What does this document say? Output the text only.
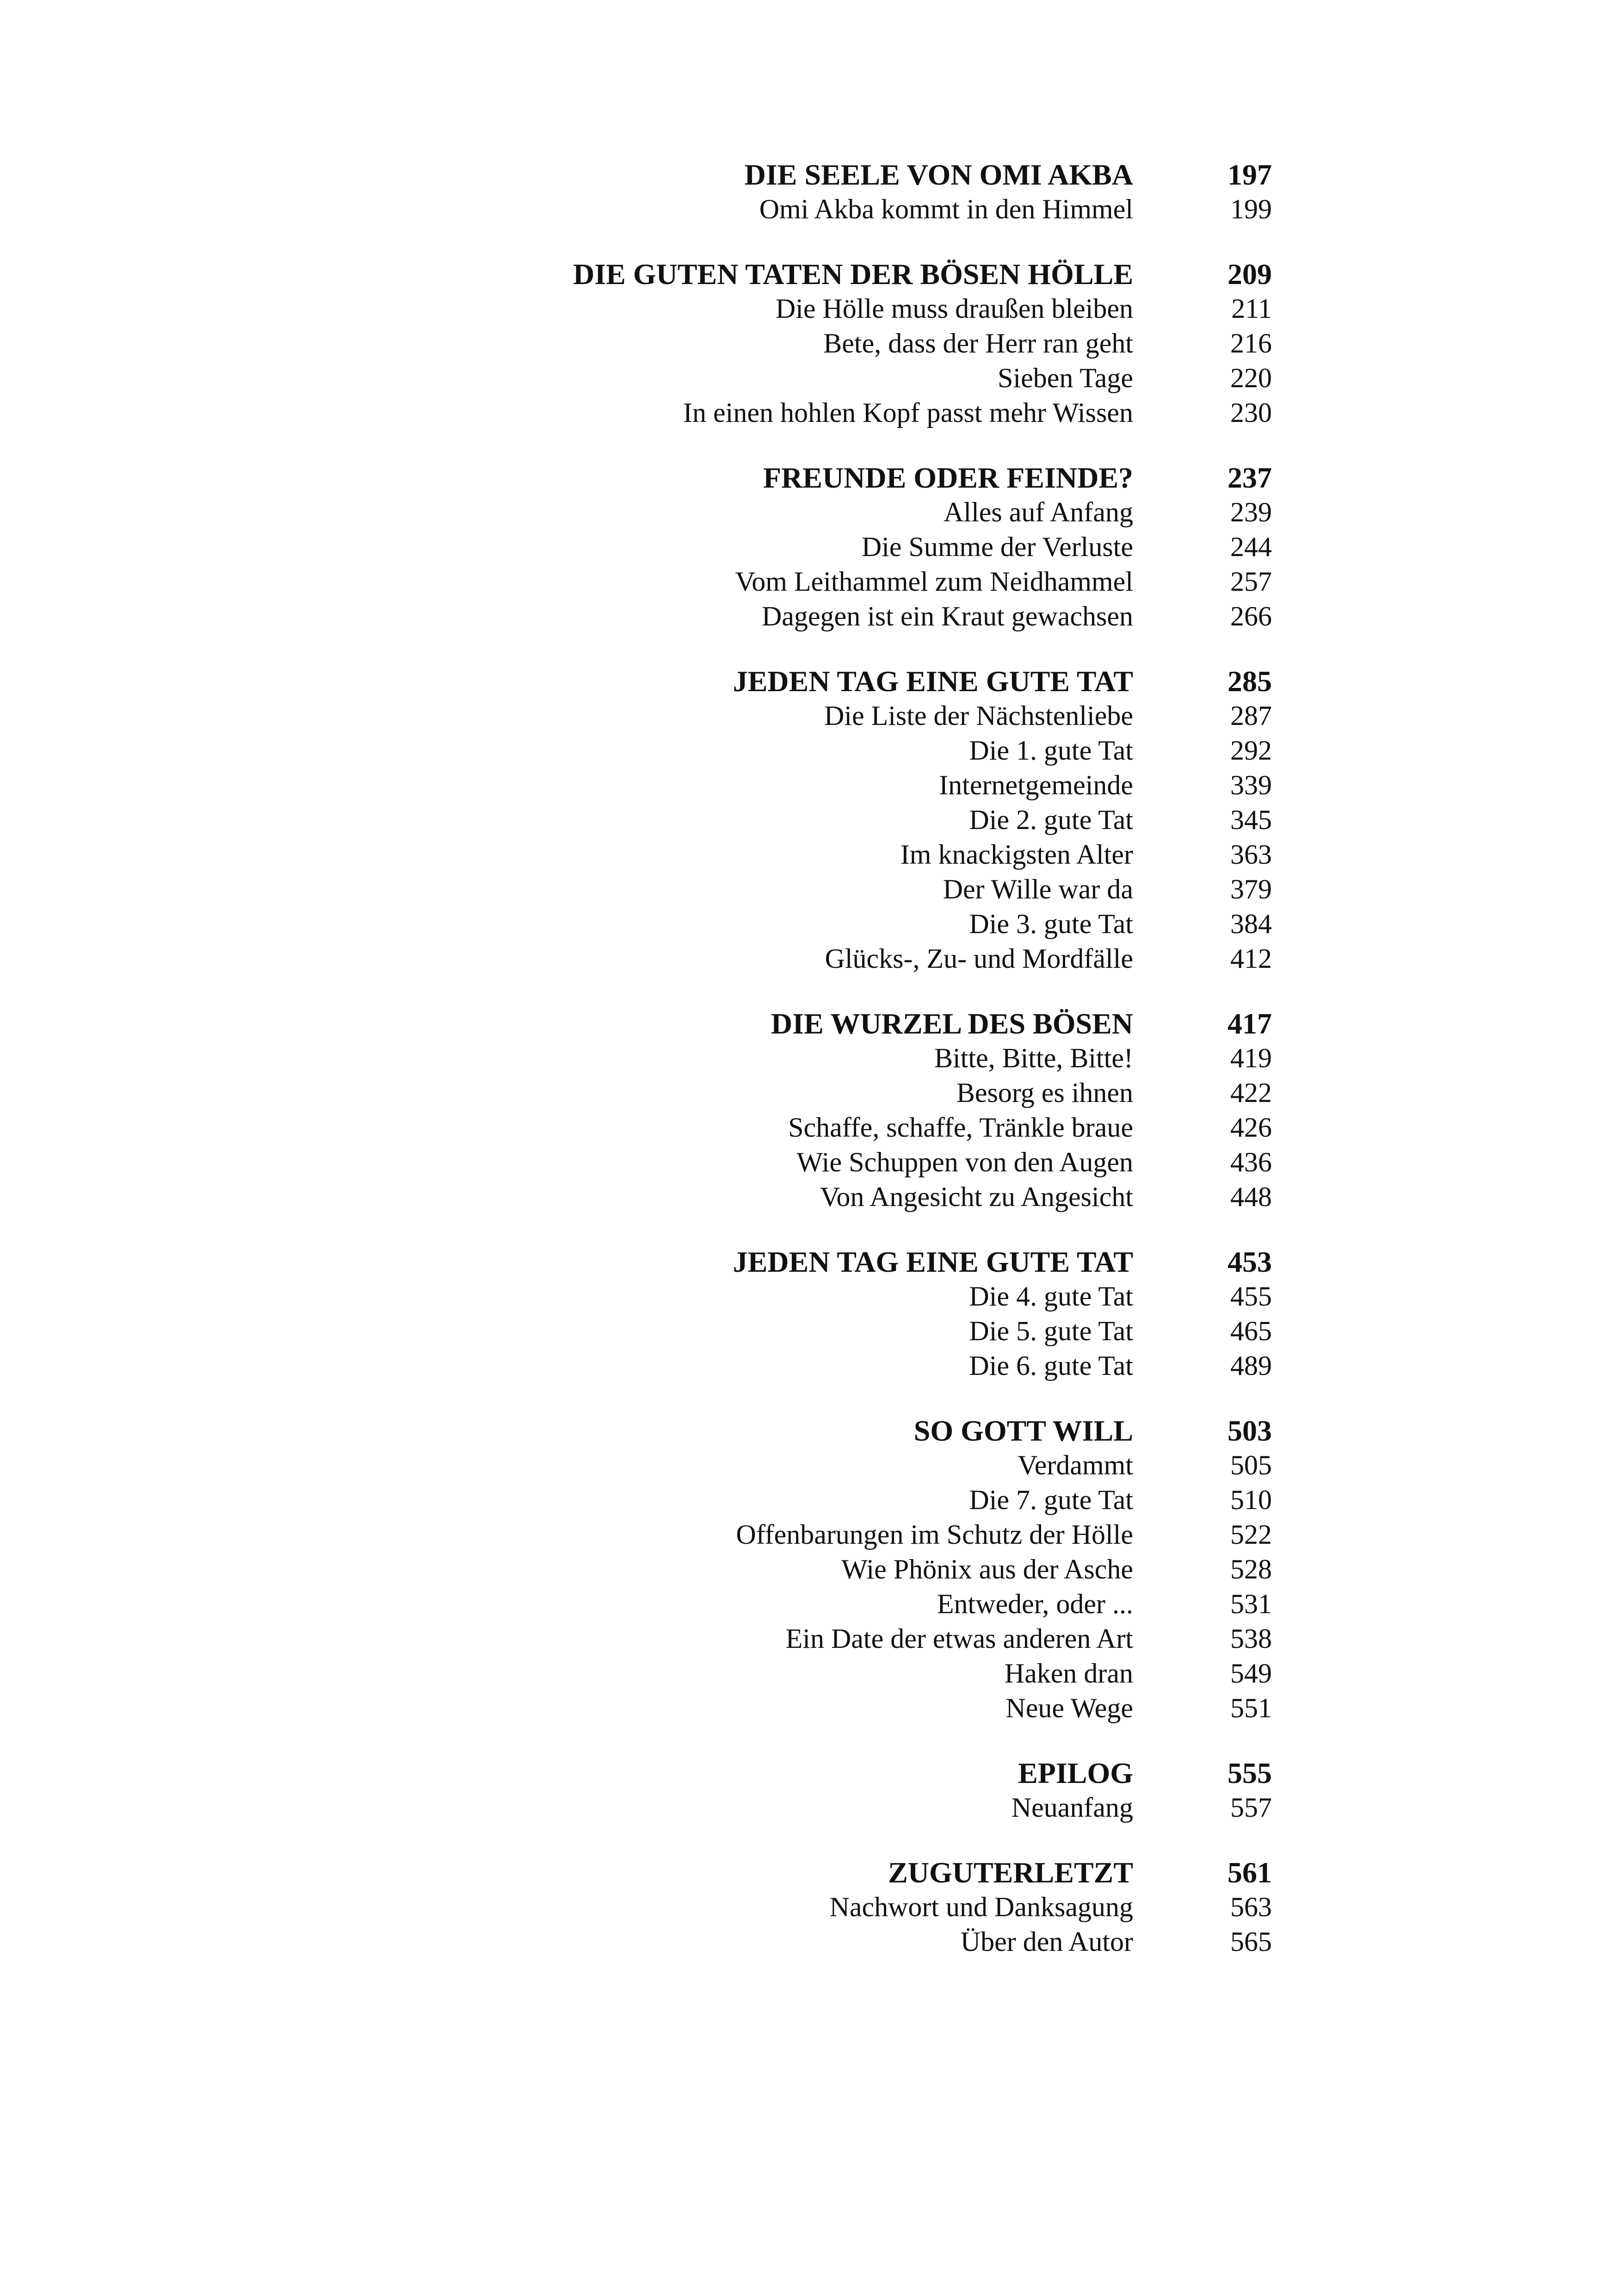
DIE SEELE VON OMI AKBA	197
Omi Akba kommt in den Himmel	199
DIE GUTEN TATEN DER BÖSEN HÖLLE	209
Die Hölle muss draußen bleiben	211
Bete, dass der Herr ran geht	216
Sieben Tage	220
In einen hohlen Kopf passt mehr Wissen	230
FREUNDE ODER FEINDE?	237
Alles auf Anfang	239
Die Summe der Verluste	244
Vom Leithammel zum Neidhammel	257
Dagegen ist ein Kraut gewachsen	266
JEDEN TAG EINE GUTE TAT	285
Die Liste der Nächstenliebe	287
Die 1. gute Tat	292
Internetgemeinde	339
Die 2. gute Tat	345
Im knackigsten Alter	363
Der Wille war da	379
Die 3. gute Tat	384
Glücks-, Zu- und Mordfälle	412
DIE WURZEL DES BÖSEN	417
Bitte, Bitte, Bitte!	419
Besorg es ihnen	422
Schaffe, schaffe, Tränkle braue	426
Wie Schuppen von den Augen	436
Von Angesicht zu Angesicht	448
JEDEN TAG EINE GUTE TAT	453
Die 4. gute Tat	455
Die 5. gute Tat	465
Die 6. gute Tat	489
SO GOTT WILL	503
Verdammt	505
Die 7. gute Tat	510
Offenbarungen im Schutz der Hölle	522
Wie Phönix aus der Asche	528
Entweder, oder ...	531
Ein Date der etwas anderen Art	538
Haken dran	549
Neue Wege	551
EPILOG	555
Neuanfang	557
ZUGUTERLETZT	561
Nachwort und Danksagung	563
Über den Autor	565
